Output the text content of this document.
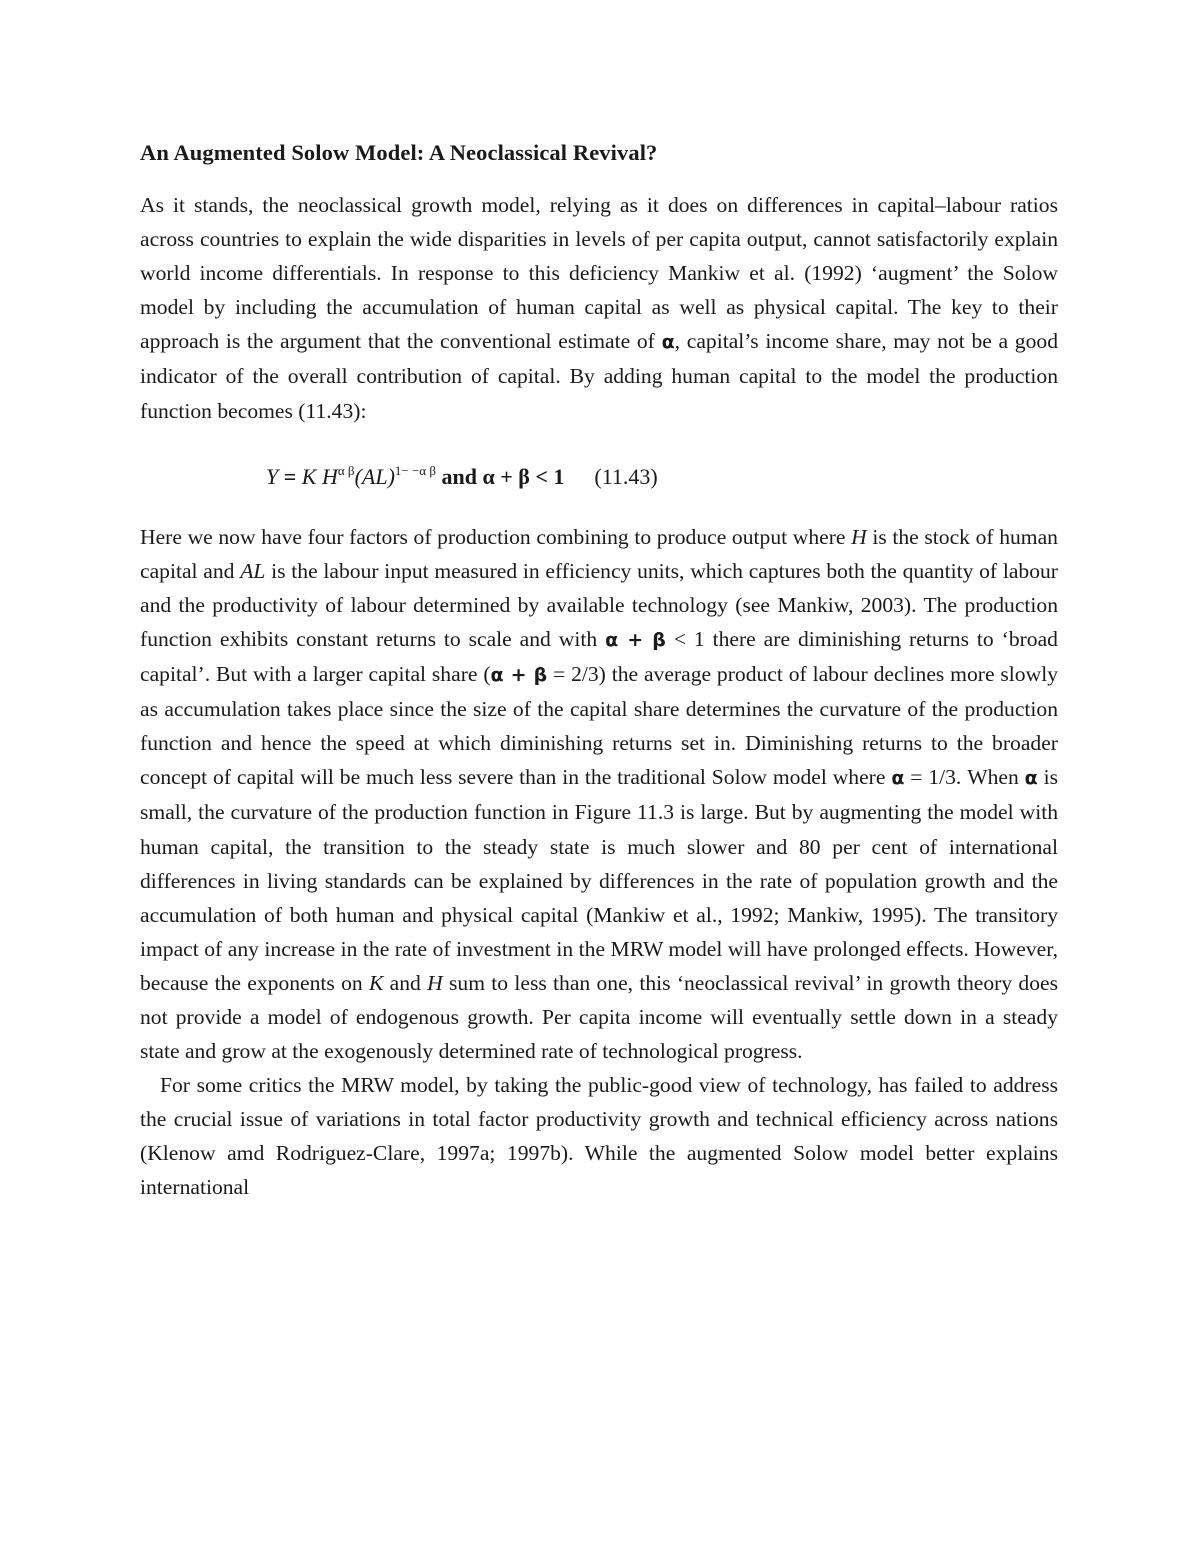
An Augmented Solow Model: A Neoclassical Revival?

As it stands, the neoclassical growth model, relying as it does on differences in capital–labour ratios across countries to explain the wide disparities in levels of per capita output, cannot satisfactorily explain world income differentials. In response to this deficiency Mankiw et al. (1992) ‘augment’ the Solow model by including the accumulation of human capital as well as physical capital. The key to their approach is the argument that the conventional estimate of α, capital’s income share, may not be a good indicator of the overall contribution of capital. By adding human capital to the model the production function becomes (11.43):

Y = K $H^{\alpha \beta}(AL)^{1- -\alpha \beta}$ and α + β < 1 (11.43)

Here we now have four factors of production combining to produce output where H is the stock of human capital and AL is the labour input measured in efficiency units, which captures both the quantity of labour and the productivity of labour determined by available technology (see Mankiw, 2003). The production function exhibits constant returns to scale and with α + β < 1 there are diminishing returns to ‘broad capital’. But with a larger capital share (α + β = 2/3) the average product of labour declines more slowly as accumulation takes place since the size of the capital share determines the curvature of the production function and hence the speed at which diminishing returns set in. Diminishing returns to the broader concept of capital will be much less severe than in the traditional Solow model where α = 1/3. When α is small, the curvature of the production function in Figure 11.3 is large. But by augmenting the model with human capital, the transition to the steady state is much slower and 80 per cent of international differences in living standards can be explained by differences in the rate of population growth and the accumulation of both human and physical capital (Mankiw et al., 1992; Mankiw, 1995). The transitory impact of any increase in the rate of investment in the MRW model will have prolonged effects. However, because the exponents on K and H sum to less than one, this ‘neoclassical revival’ in growth theory does not provide a model of endogenous growth. Per capita income will eventually settle down in a steady state and grow at the exogenously determined rate of technological progress.

For some critics the MRW model, by taking the public-good view of technology, has failed to address the crucial issue of variations in total factor productivity growth and technical efficiency across nations (Klenow amd Rodriguez-Clare, 1997a; 1997b). While the augmented Solow model better explains international
